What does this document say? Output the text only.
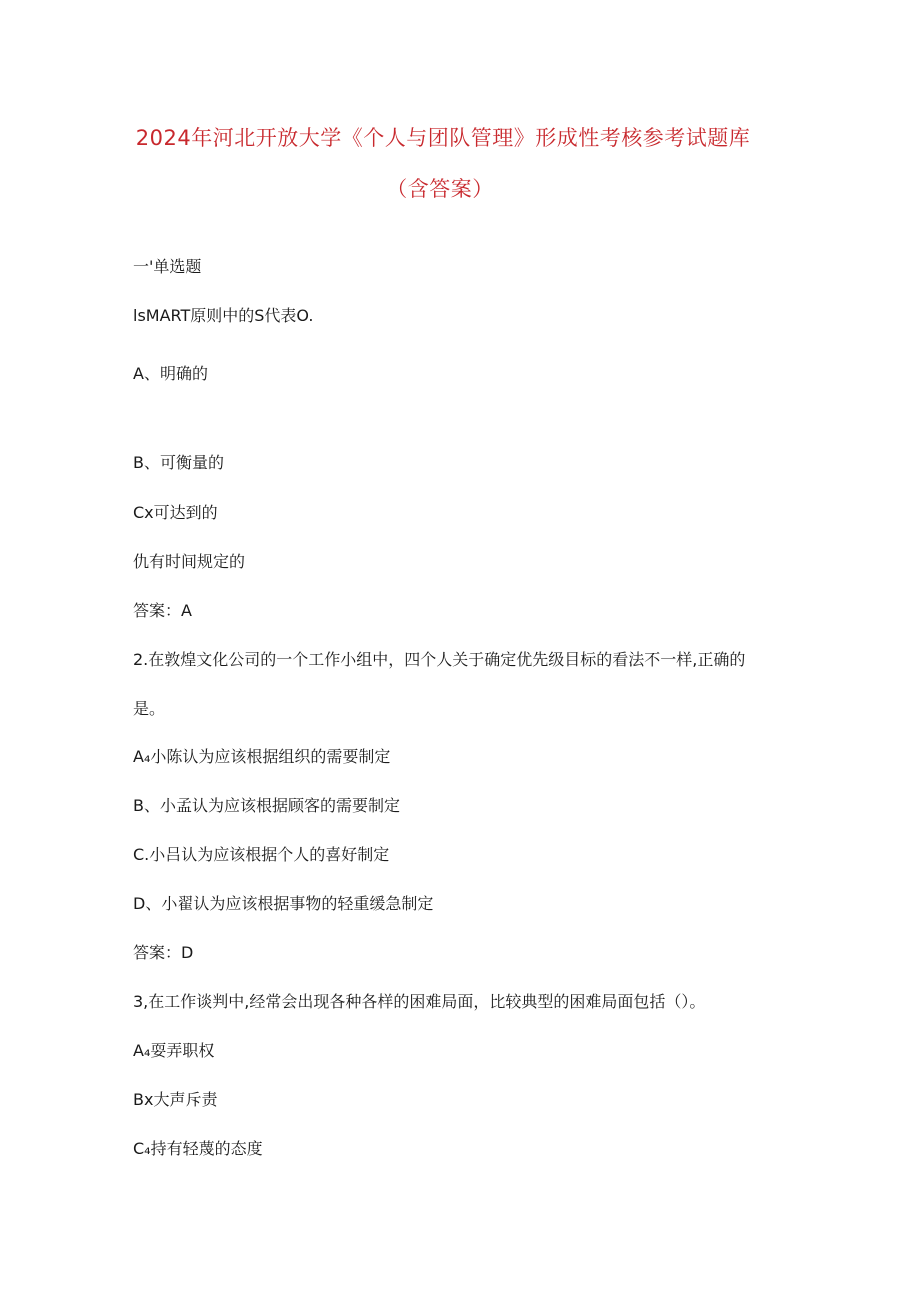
2024年河北开放大学《个人与团队管理》形成性考核参考试题库
（含答案）
一'单选题
lsMART原则中的S代表O.
A、明确的
B、可衡量的
Cx可达到的
仇有时间规定的
答案：A
2.在敦煌文化公司的一个工作小组中，四个人关于确定优先级目标的看法不一样,正确的
是。
A₄小陈认为应该根据组织的需要制定
B、小孟认为应该根据顾客的需要制定
C.小吕认为应该根据个人的喜好制定
D、小翟认为应该根据事物的轻重缓急制定
答案：D
3,在工作谈判中,经常会出现各种各样的困难局面，比较典型的困难局面包括（）。
A₄耍弄职权
Bx大声斥责
C₄持有轻蔑的态度
